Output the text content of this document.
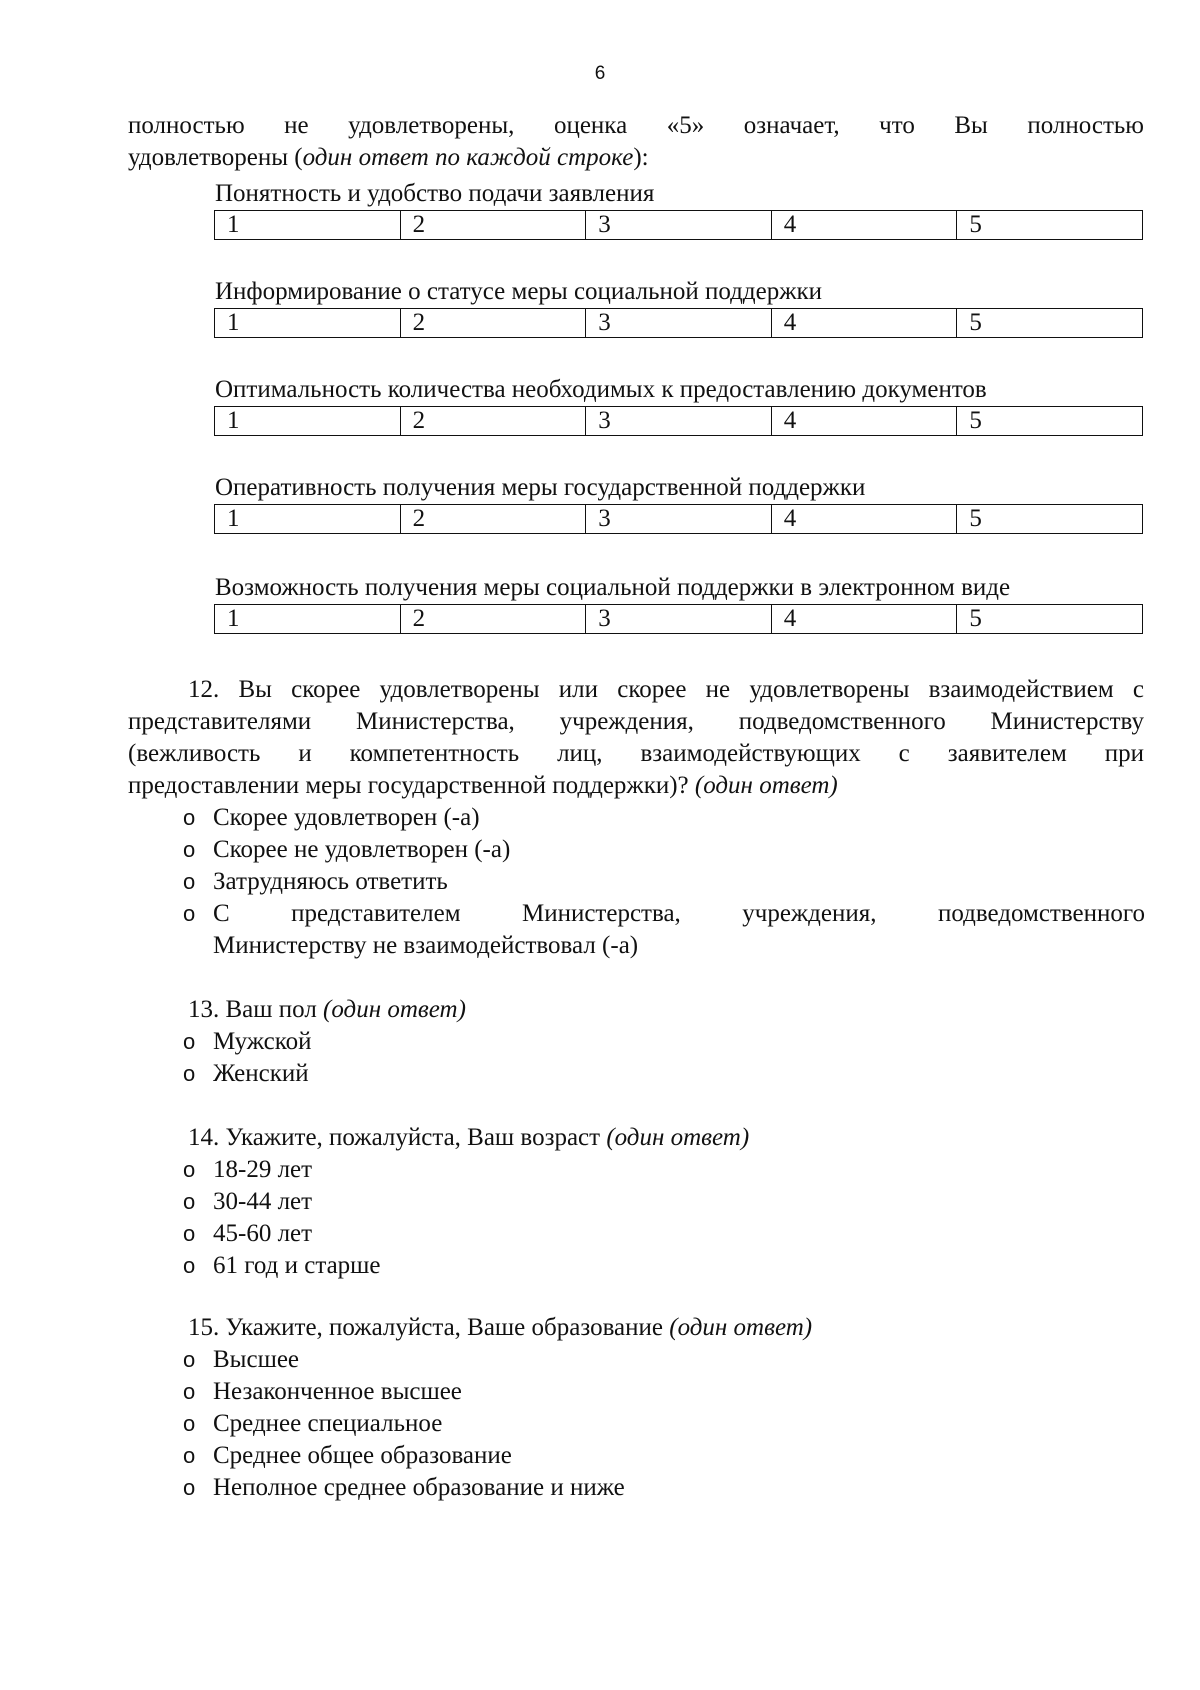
6
полностью не удовлетворены, оценка «5» означает, что Вы полностью
удовлетворены (один ответ по каждой строке):
Понятность и удобство подачи заявления
1	2	3	4	5
Информирование о статусе меры социальной поддержки
1	2	3	4	5
Оптимальность количества необходимых к предоставлению документов
1	2	3	4	5
Оперативность получения меры государственной поддержки
1	2	3	4	5
Возможность получения меры социальной поддержки в электронном виде
1	2	3	4	5
12. Вы скорее удовлетворены или скорее не удовлетворены взаимодействием с
представителями Министерства, учреждения, подведомственного Министерству
(вежливость и компетентность лиц, взаимодействующих с заявителем при
предоставлении меры государственной поддержки)? (один ответ)
o Скорее удовлетворен (-а)
o Скорее не удовлетворен (-а)
o Затрудняюсь ответить
o С представителем Министерства, учреждения, подведомственного
Министерству не взаимодействовал (-а)
13. Ваш пол (один ответ)
o Мужской
o Женский
14. Укажите, пожалуйста, Ваш возраст (один ответ)
o 18-29 лет
o 30-44 лет
o 45-60 лет
o 61 год и старше
15. Укажите, пожалуйста, Ваше образование (один ответ)
o Высшее
o Незаконченное высшее
o Среднее специальное
o Среднее общее образование
o Неполное среднее образование и ниже
